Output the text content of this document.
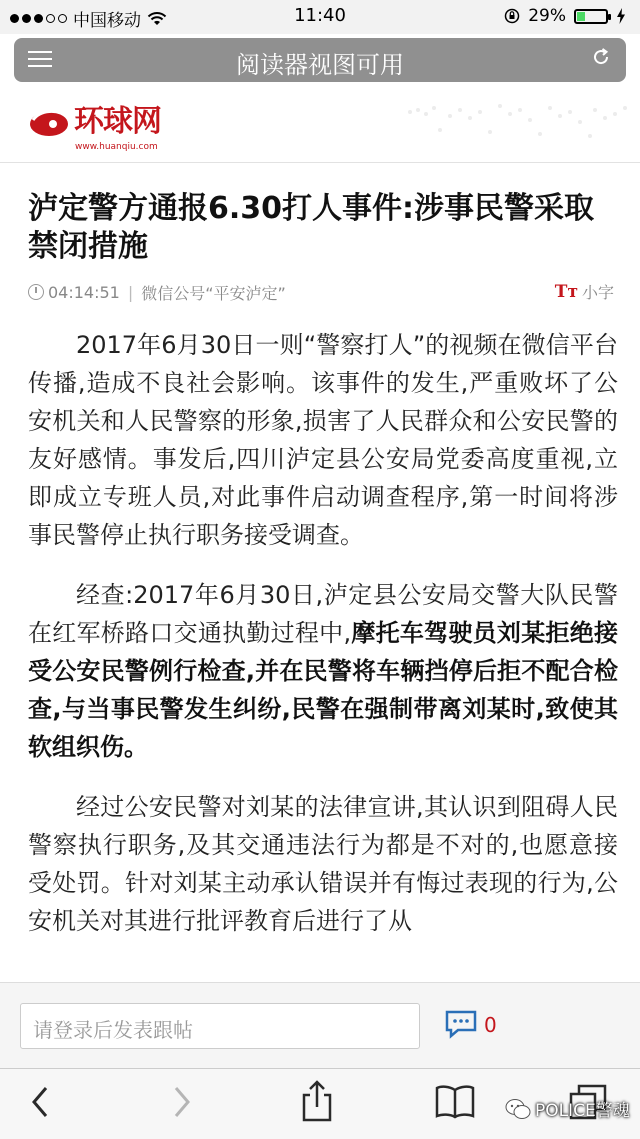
中国移动	11:40	29%
阅读器视图可用
环球网
www.huanqiu.com
泸定警方通报6.30打人事件:涉事民警采取禁闭措施
04:14:51 | 微信公号“平安泸定”	Tт 小字

2017年6月30日一则“警察打人”的视频在微信平台传播,造成不良社会影响。该事件的发生,严重败坏了公安机关和人民警察的形象,损害了人民群众和公安民警的友好感情。事发后,四川泸定县公安局党委高度重视,立即成立专班人员,对此事件启动调查程序,第一时间将涉事民警停止执行职务接受调查。

经查:2017年6月30日,泸定县公安局交警大队民警在红军桥路口交通执勤过程中,摩托车驾驶员刘某拒绝接受公安民警例行检查,并在民警将车辆挡停后拒不配合检查,与当事民警发生纠纷,民警在强制带离刘某时,致使其软组织伤。

经过公安民警对刘某的法律宣讲,其认识到阻碍人民警察执行职务,及其交通违法行为都是不对的,也愿意接受处罚。针对刘某主动承认错误并有悔过表现的行为,公安机关对其进行批评教育后进行了从

请登录后发表跟帖	0
POLICE警魂
